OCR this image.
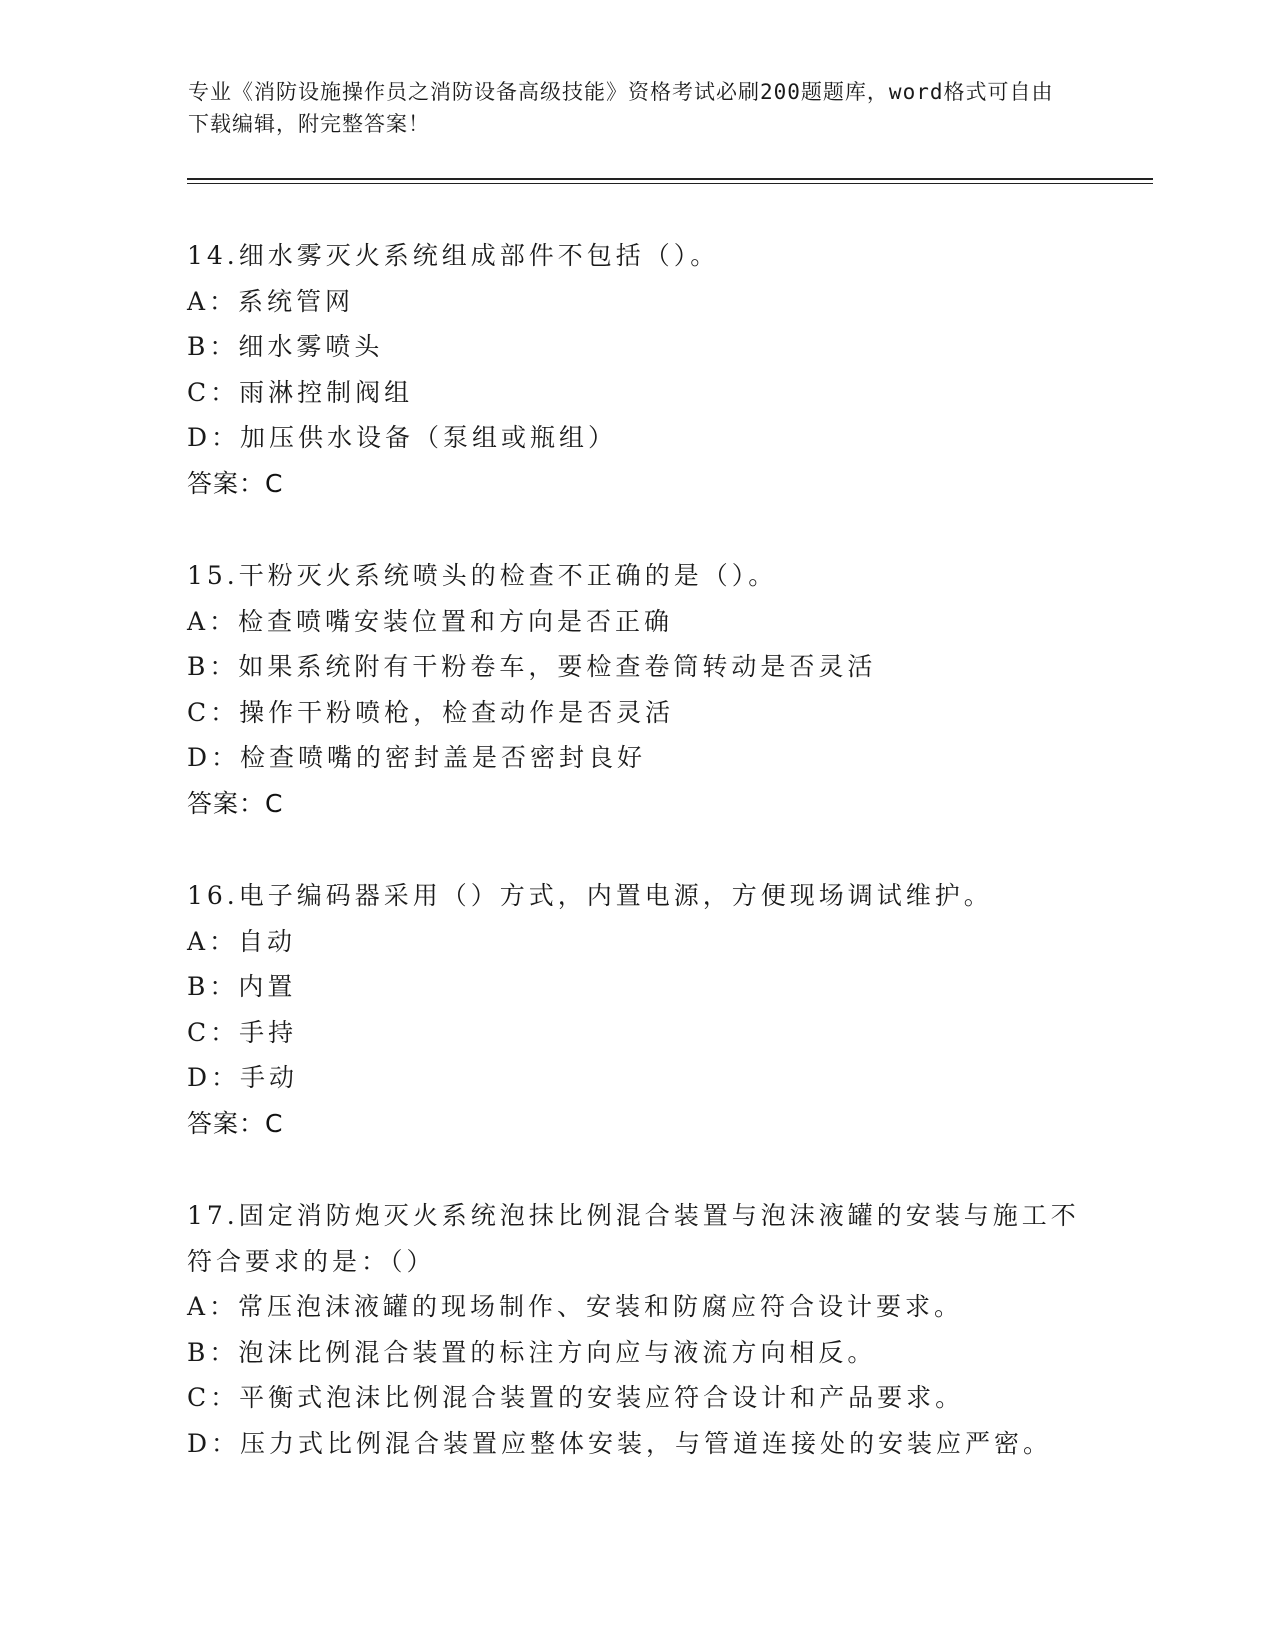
专业《消防设施操作员之消防设备高级技能》资格考试必刷200题题库，word格式可自由下载编辑，附完整答案！
14.细水雾灭火系统组成部件不包括（）。
A：系统管网
B：细水雾喷头
C：雨淋控制阀组
D：加压供水设备（泵组或瓶组）
答案：C
15.干粉灭火系统喷头的检查不正确的是（）。
A：检查喷嘴安装位置和方向是否正确
B：如果系统附有干粉卷车，要检查卷筒转动是否灵活
C：操作干粉喷枪，检查动作是否灵活
D：检查喷嘴的密封盖是否密封良好
答案：C
16.电子编码器采用（）方式，内置电源，方便现场调试维护。
A：自动
B：内置
C：手持
D：手动
答案：C
17.固定消防炮灭火系统泡抹比例混合装置与泡沫液罐的安装与施工不符合要求的是：（）
A：常压泡沫液罐的现场制作、安装和防腐应符合设计要求。
B：泡沫比例混合装置的标注方向应与液流方向相反。
C：平衡式泡沫比例混合装置的安装应符合设计和产品要求。
D：压力式比例混合装置应整体安装，与管道连接处的安装应严密。
